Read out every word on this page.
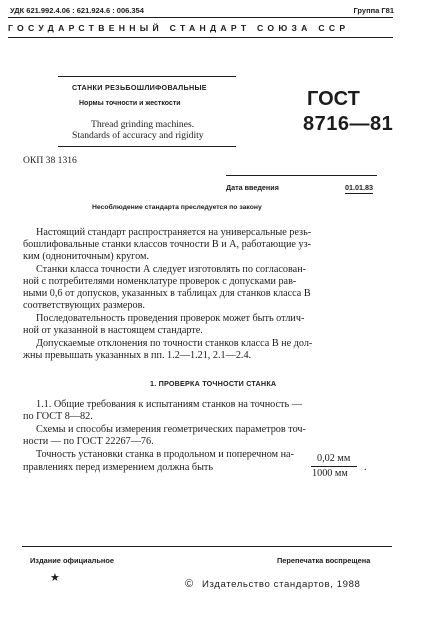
УДК 621.992.4.06 : 621.924.6 : 006.354	Группа Г81
ГОСУДАРСТВЕННЫЙ СТАНДАРТ СОЮЗА ССР
СТАНКИ РЕЗЬБОШЛИФОВАЛЬНЫЕ
Нормы точности и жесткости
Thread grinding machines.
Standards of accuracy and rigidity
ГОСТ
8716—81
ОКП 38 1316
Дата введения	01.01.83
Несоблюдение стандарта преследуется по закону
Настоящий стандарт распространяется на универсальные резь-
бошлифовальные станки классов точности В и А, работающие уз-
ким (однониточным) кругом.
Станки класса точности А следует изготовлять по согласован-
ной с потребителями номенклатуре проверок с допусками рав-
ными 0,6 от допусков, указанных в таблицах для станков класса В
соответствующих размеров.
Последовательность проведения проверок может быть отлич-
ной от указанной в настоящем стандарте.
Допускаемые отклонения по точности станков класса В не дол-
жны превышать указанных в пп. 1.2—1.21, 2.1—2.4.
1. ПРОВЕРКА ТОЧНОСТИ СТАНКА
1.1. Общие требования к испытаниям станков на точность —
по ГОСТ 8—82.
Схемы и способы измерения геометрических параметров точ-
ности — по ГОСТ 22267—76.
Точность установки станка в продольном и поперечном на-
правлениях перед измерением должна быть
0,02 мм
1000 мм
.
Издание официальное	Перепечатка воспрещена
★	© Издательство стандартов, 1988
